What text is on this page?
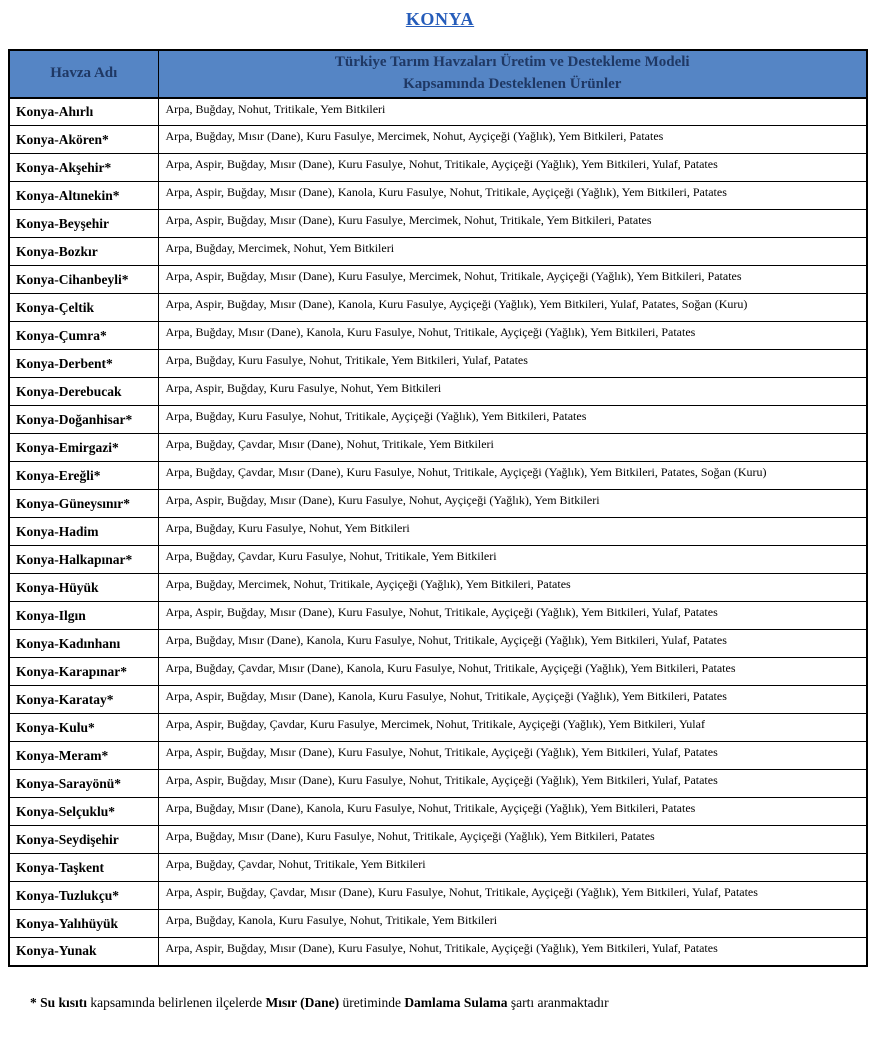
KONYA
Havza Adı	Türkiye Tarım Havzaları Üretim ve Destekleme Modeli
Kapsamında Desteklenen Ürünler

Konya-Ahırlı	Arpa, Buğday, Nohut, Tritikale, Yem Bitkileri
Konya-Akören*	Arpa, Buğday, Mısır (Dane), Kuru Fasulye, Mercimek, Nohut, Ayçiçeği (Yağlık), Yem Bitkileri, Patates
Konya-Akşehir*	Arpa, Aspir, Buğday, Mısır (Dane), Kuru Fasulye, Nohut, Tritikale, Ayçiçeği (Yağlık), Yem Bitkileri, Yulaf, Patates
Konya-Altınekin*	Arpa, Aspir, Buğday, Mısır (Dane), Kanola, Kuru Fasulye, Nohut, Tritikale, Ayçiçeği (Yağlık), Yem Bitkileri, Patates
Konya-Beyşehir	Arpa, Aspir, Buğday, Mısır (Dane), Kuru Fasulye, Mercimek, Nohut, Tritikale, Yem Bitkileri, Patates
Konya-Bozkır	Arpa, Buğday, Mercimek, Nohut, Yem Bitkileri
Konya-Cihanbeyli*	Arpa, Aspir, Buğday, Mısır (Dane), Kuru Fasulye, Mercimek, Nohut, Tritikale, Ayçiçeği (Yağlık), Yem Bitkileri, Patates
Konya-Çeltik	Arpa, Aspir, Buğday, Mısır (Dane), Kanola, Kuru Fasulye, Ayçiçeği (Yağlık), Yem Bitkileri, Yulaf, Patates, Soğan (Kuru)
Konya-Çumra*	Arpa, Buğday, Mısır (Dane), Kanola, Kuru Fasulye, Nohut, Tritikale, Ayçiçeği (Yağlık), Yem Bitkileri, Patates
Konya-Derbent*	Arpa, Buğday, Kuru Fasulye, Nohut, Tritikale, Yem Bitkileri, Yulaf, Patates
Konya-Derebucak	Arpa, Aspir, Buğday, Kuru Fasulye, Nohut, Yem Bitkileri
Konya-Doğanhisar*	Arpa, Buğday, Kuru Fasulye, Nohut, Tritikale, Ayçiçeği (Yağlık), Yem Bitkileri, Patates
Konya-Emirgazi*	Arpa, Buğday, Çavdar, Mısır (Dane), Nohut, Tritikale, Yem Bitkileri
Konya-Ereğli*	Arpa, Buğday, Çavdar, Mısır (Dane), Kuru Fasulye, Nohut, Tritikale, Ayçiçeği (Yağlık), Yem Bitkileri, Patates, Soğan (Kuru)
Konya-Güneysınır*	Arpa, Aspir, Buğday, Mısır (Dane), Kuru Fasulye, Nohut, Ayçiçeği (Yağlık), Yem Bitkileri
Konya-Hadim	Arpa, Buğday, Kuru Fasulye, Nohut, Yem Bitkileri
Konya-Halkapınar*	Arpa, Buğday, Çavdar, Kuru Fasulye, Nohut, Tritikale, Yem Bitkileri
Konya-Hüyük	Arpa, Buğday, Mercimek, Nohut, Tritikale, Ayçiçeği (Yağlık), Yem Bitkileri, Patates
Konya-Ilgın	Arpa, Aspir, Buğday, Mısır (Dane), Kuru Fasulye, Nohut, Tritikale, Ayçiçeği (Yağlık), Yem Bitkileri, Yulaf, Patates
Konya-Kadınhanı	Arpa, Buğday, Mısır (Dane), Kanola, Kuru Fasulye, Nohut, Tritikale, Ayçiçeği (Yağlık), Yem Bitkileri, Yulaf, Patates
Konya-Karapınar*	Arpa, Buğday, Çavdar, Mısır (Dane), Kanola, Kuru Fasulye, Nohut, Tritikale, Ayçiçeği (Yağlık), Yem Bitkileri, Patates
Konya-Karatay*	Arpa, Aspir, Buğday, Mısır (Dane), Kanola, Kuru Fasulye, Nohut, Tritikale, Ayçiçeği (Yağlık), Yem Bitkileri, Patates
Konya-Kulu*	Arpa, Aspir, Buğday, Çavdar, Kuru Fasulye, Mercimek, Nohut, Tritikale, Ayçiçeği (Yağlık), Yem Bitkileri, Yulaf
Konya-Meram*	Arpa, Aspir, Buğday, Mısır (Dane), Kuru Fasulye, Nohut, Tritikale, Ayçiçeği (Yağlık), Yem Bitkileri, Yulaf, Patates
Konya-Sarayönü*	Arpa, Aspir, Buğday, Mısır (Dane), Kuru Fasulye, Nohut, Tritikale, Ayçiçeği (Yağlık), Yem Bitkileri, Yulaf, Patates
Konya-Selçuklu*	Arpa, Buğday, Mısır (Dane), Kanola, Kuru Fasulye, Nohut, Tritikale, Ayçiçeği (Yağlık), Yem Bitkileri, Patates
Konya-Seydişehir	Arpa, Buğday, Mısır (Dane), Kuru Fasulye, Nohut, Tritikale, Ayçiçeği (Yağlık), Yem Bitkileri, Patates
Konya-Taşkent	Arpa, Buğday, Çavdar, Nohut, Tritikale, Yem Bitkileri
Konya-Tuzlukçu*	Arpa, Aspir, Buğday, Çavdar, Mısır (Dane), Kuru Fasulye, Nohut, Tritikale, Ayçiçeği (Yağlık), Yem Bitkileri, Yulaf, Patates
Konya-Yalıhüyük	Arpa, Buğday, Kanola, Kuru Fasulye, Nohut, Tritikale, Yem Bitkileri
Konya-Yunak	Arpa, Aspir, Buğday, Mısır (Dane), Kuru Fasulye, Nohut, Tritikale, Ayçiçeği (Yağlık), Yem Bitkileri, Yulaf, Patates

* Su kısıtı kapsamında belirlenen ilçelerde Mısır (Dane) üretiminde Damlama Sulama şartı aranmaktadır
